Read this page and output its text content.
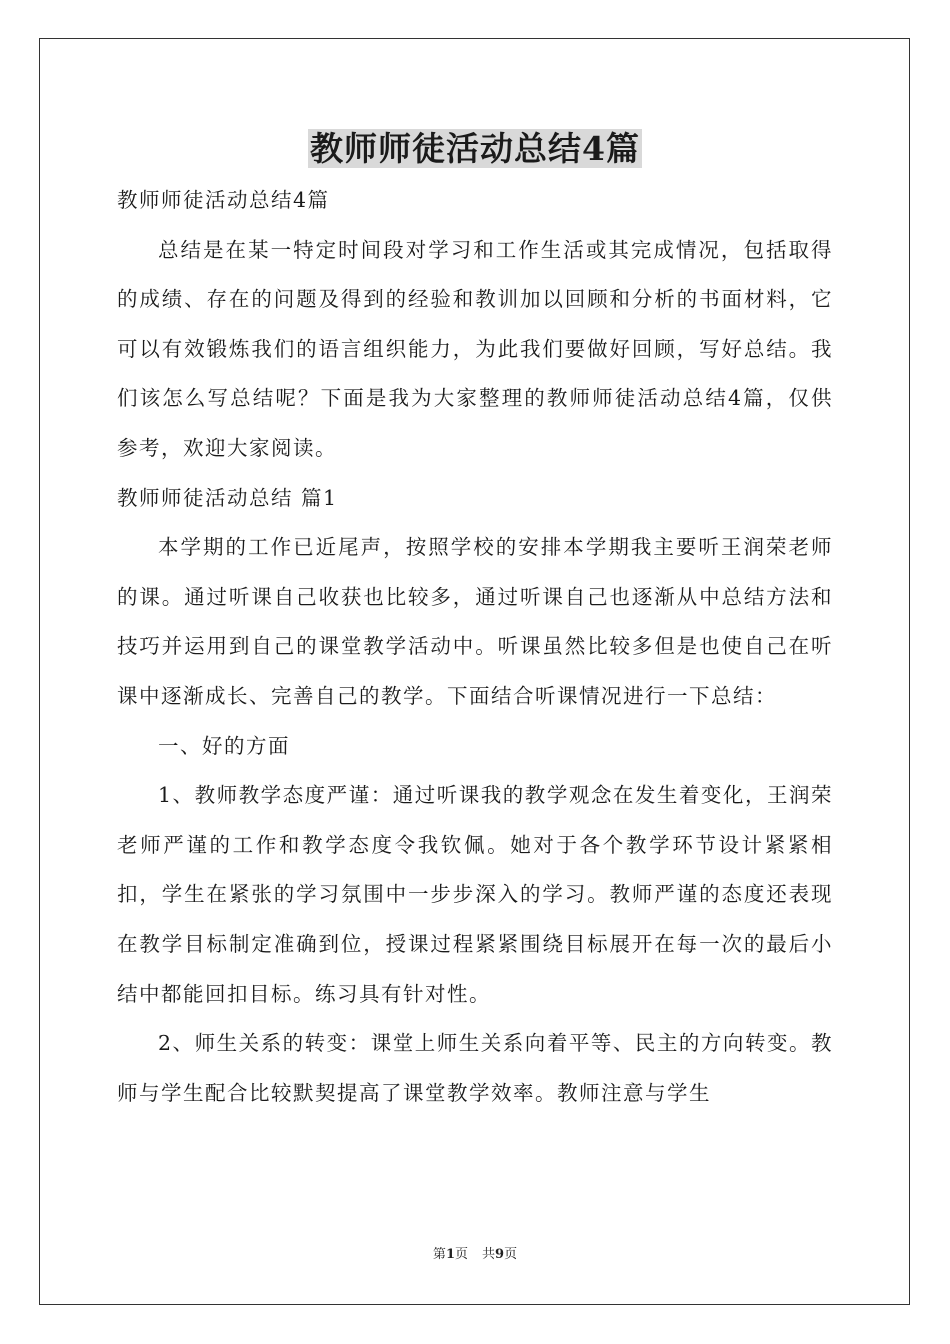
教师师徒活动总结4篇

教师师徒活动总结4篇

总结是在某一特定时间段对学习和工作生活或其完成情况，包括取得的成绩、存在的问题及得到的经验和教训加以回顾和分析的书面材料，它可以有效锻炼我们的语言组织能力，为此我们要做好回顾，写好总结。我们该怎么写总结呢？下面是我为大家整理的教师师徒活动总结4篇，仅供参考，欢迎大家阅读。

教师师徒活动总结 篇1

本学期的工作已近尾声，按照学校的安排本学期我主要听王润荣老师的课。通过听课自己收获也比较多，通过听课自己也逐渐从中总结方法和技巧并运用到自己的课堂教学活动中。听课虽然比较多但是也使自己在听课中逐渐成长、完善自己的教学。下面结合听课情况进行一下总结：

一、好的方面

1、教师教学态度严谨：通过听课我的教学观念在发生着变化，王润荣老师严谨的工作和教学态度令我钦佩。她对于各个教学环节设计紧紧相扣，学生在紧张的学习氛围中一步步深入的学习。教师严谨的态度还表现在教学目标制定准确到位，授课过程紧紧围绕目标展开在每一次的最后小结中都能回扣目标。练习具有针对性。

2、师生关系的转变：课堂上师生关系向着平等、民主的方向转变。教师与学生配合比较默契提高了课堂教学效率。教师注意与学生

第1页 共9页
